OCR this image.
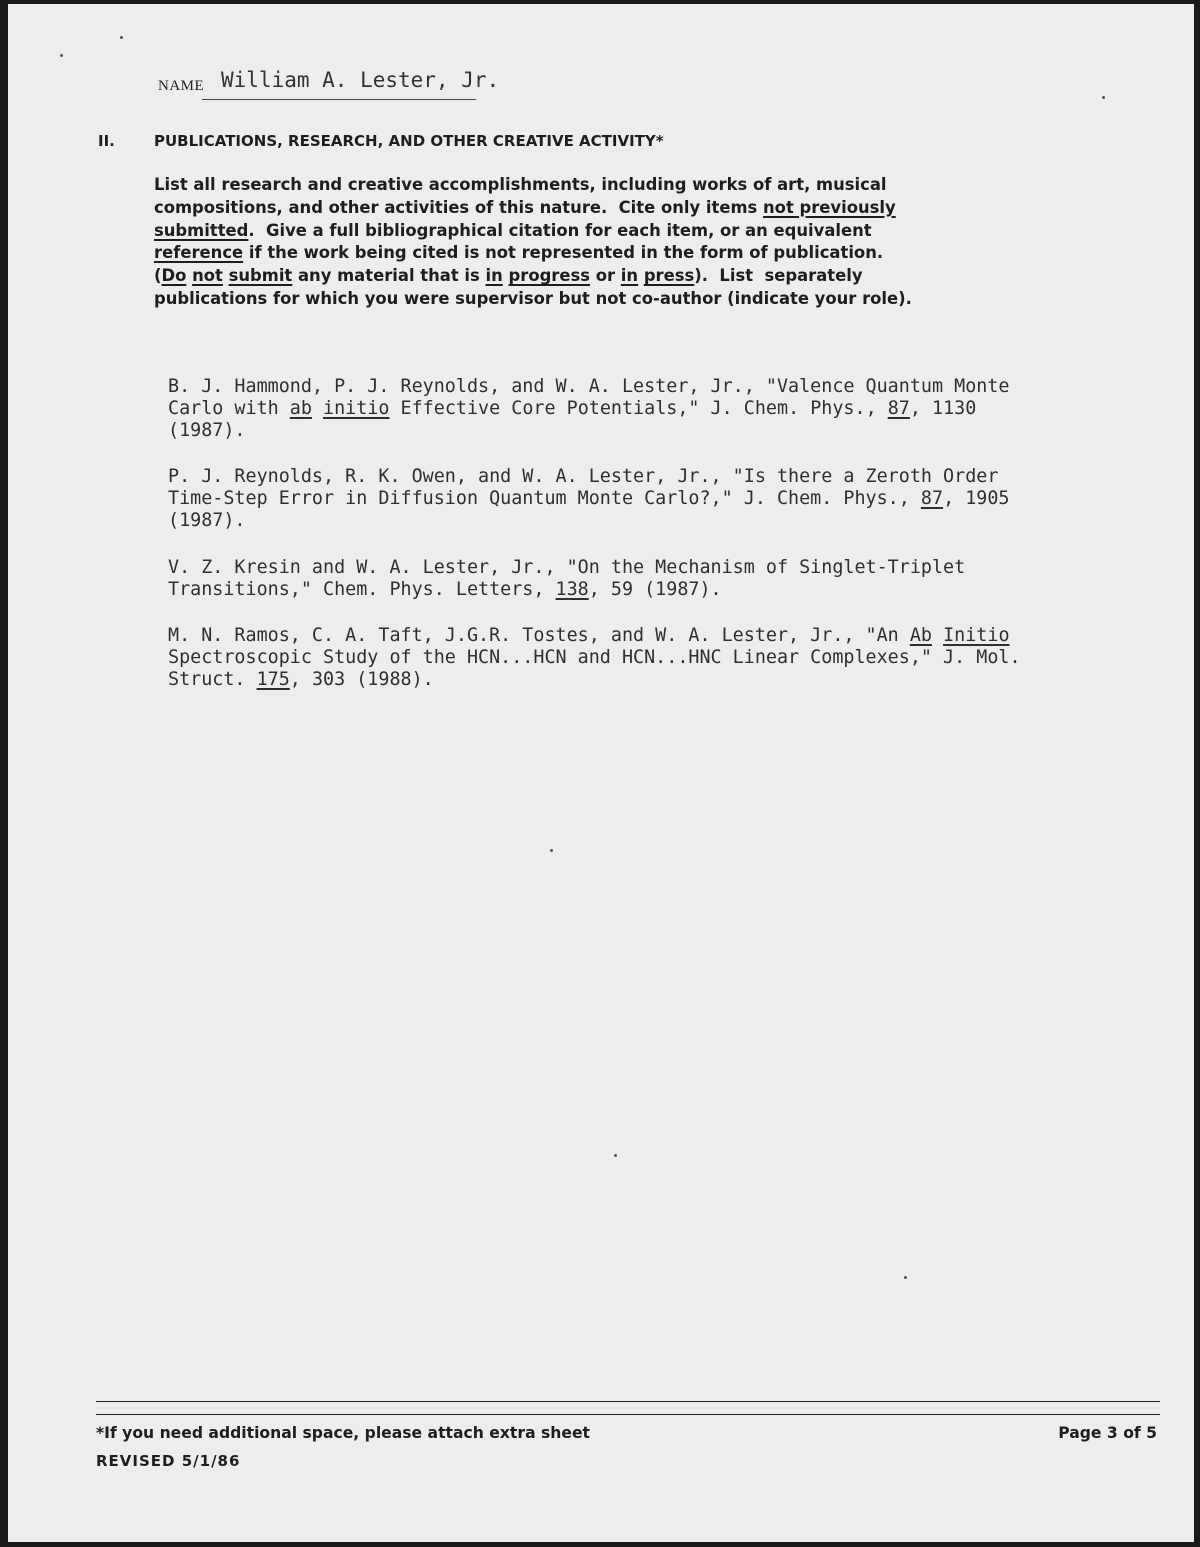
NAME William A. Lester, Jr.
II.	PUBLICATIONS, RESEARCH, AND OTHER CREATIVE ACTIVITY*
List all research and creative accomplishments, including works of art, musical
compositions, and other activities of this nature.  Cite only items not previously
submitted.  Give a full bibliographical citation for each item, or an equivalent
reference if the work being cited is not represented in the form of publication.
(Do not submit any material that is in progress or in press).  List  separately
publications for which you were supervisor but not co-author (indicate your role).
B. J. Hammond, P. J. Reynolds, and W. A. Lester, Jr., "Valence Quantum Monte
Carlo with ab initio Effective Core Potentials," J. Chem. Phys., 87, 1130
(1987).
P. J. Reynolds, R. K. Owen, and W. A. Lester, Jr., "Is there a Zeroth Order
Time-Step Error in Diffusion Quantum Monte Carlo?," J. Chem. Phys., 87, 1905
(1987).
V. Z. Kresin and W. A. Lester, Jr., "On the Mechanism of Singlet-Triplet
Transitions," Chem. Phys. Letters, 138, 59 (1987).
M. N. Ramos, C. A. Taft, J.G.R. Tostes, and W. A. Lester, Jr., "An Ab Initio
Spectroscopic Study of the HCN...HCN and HCN...HNC Linear Complexes," J. Mol.
Struct. 175, 303 (1988).
*If you need additional space, please attach extra sheet	Page 3 of 5
REVISED 5/1/86
